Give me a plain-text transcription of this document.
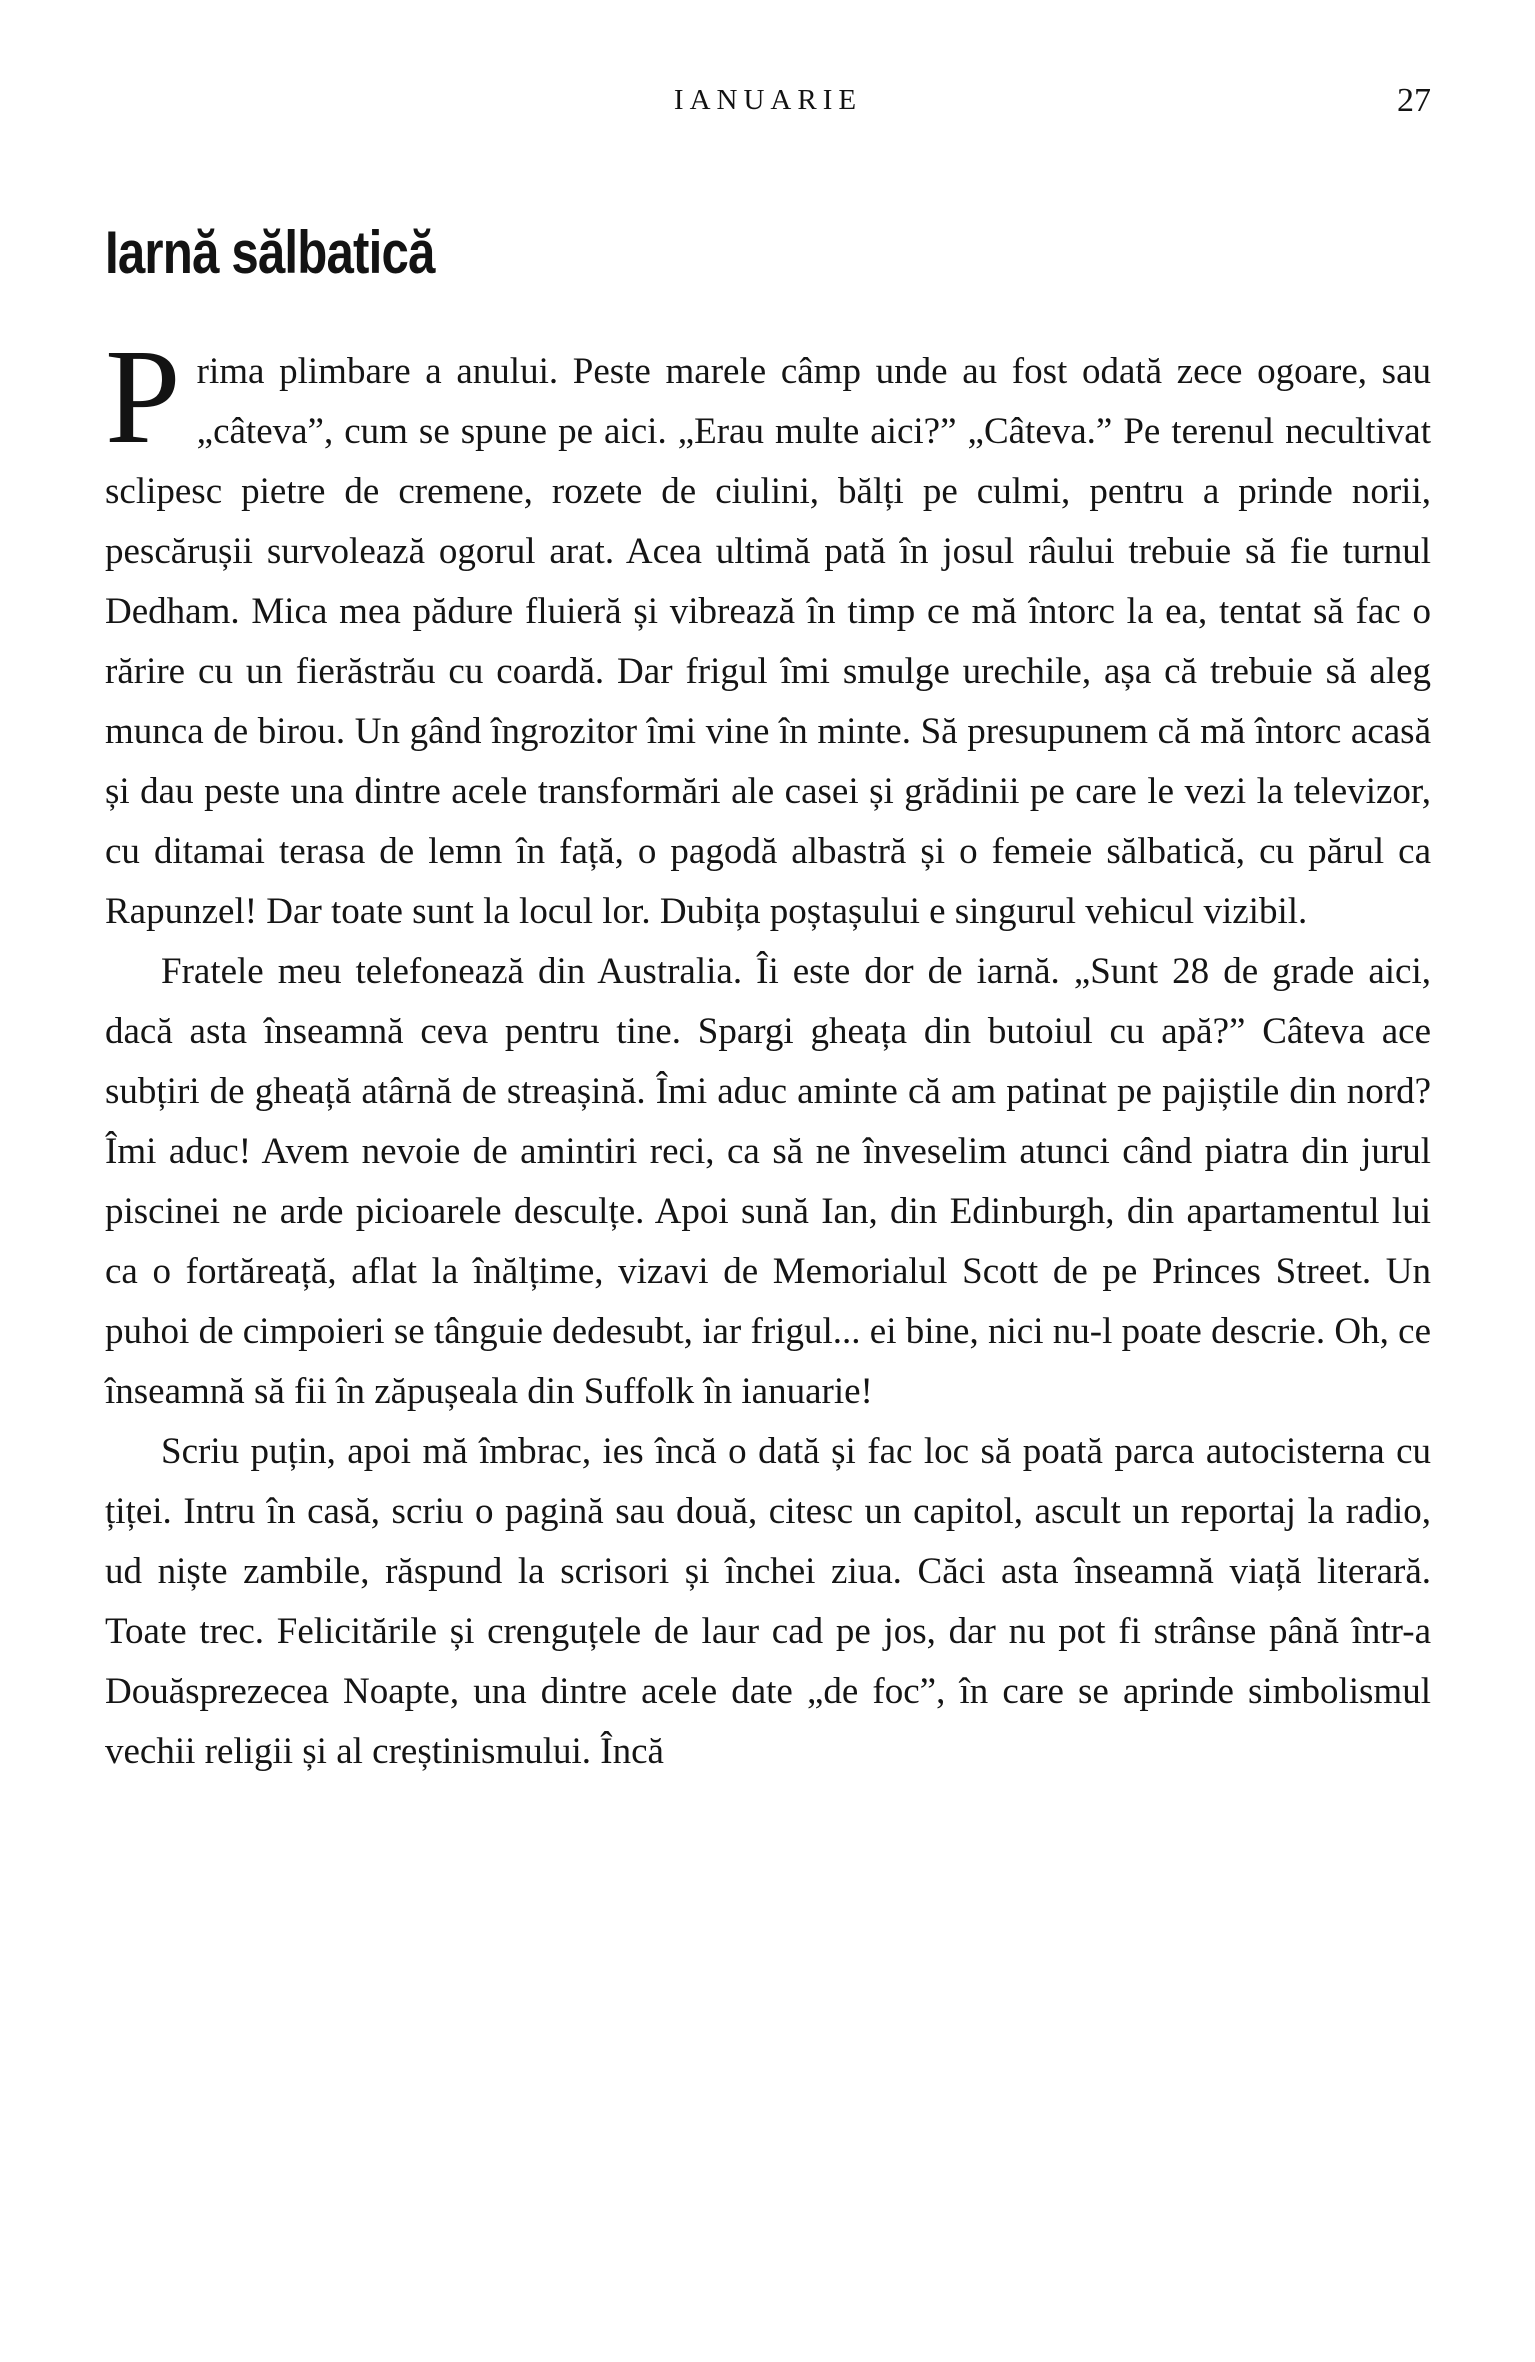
IANUARIE	27
Iarnă sălbatică

Prima plimbare a anului. Peste marele câmp unde au fost odată zece ogoare, sau „câteva”, cum se spune pe aici. „Erau multe aici?” „Câteva.” Pe terenul necultivat sclipesc pietre de cremene, rozete de ciulini, bălți pe culmi, pentru a prinde norii, pescărușii survolează ogorul arat. Acea ultimă pată în josul râului trebuie să fie turnul Dedham. Mica mea pădure fluieră și vibrează în timp ce mă întorc la ea, tentat să fac o rărire cu un fierăstrău cu coardă. Dar frigul îmi smulge urechile, așa că trebuie să aleg munca de birou. Un gând îngrozitor îmi vine în minte. Să presupunem că mă întorc acasă și dau peste una dintre acele transformări ale casei și grădinii pe care le vezi la televizor, cu ditamai terasa de lemn în față, o pagodă albastră și o femeie sălbatică, cu părul ca Rapunzel! Dar toate sunt la locul lor. Dubița poștașului e singurul vehicul vizibil.

Fratele meu telefonează din Australia. Îi este dor de iarnă. „Sunt 28 de grade aici, dacă asta înseamnă ceva pentru tine. Spargi gheața din butoiul cu apă?” Câteva ace subțiri de gheață atârnă de streașină. Îmi aduc aminte că am patinat pe pajiștile din nord? Îmi aduc! Avem nevoie de amintiri reci, ca să ne înveselim atunci când piatra din jurul piscinei ne arde picioarele desculțe. Apoi sună Ian, din Edinburgh, din apartamentul lui ca o fortăreață, aflat la înălțime, vizavi de Memorialul Scott de pe Princes Street. Un puhoi de cimpoieri se tânguie dedesubt, iar frigul... ei bine, nici nu-l poate descrie. Oh, ce înseamnă să fii în zăpușeala din Suffolk în ianuarie!

Scriu puțin, apoi mă îmbrac, ies încă o dată și fac loc să poată parca autocisterna cu țiței. Intru în casă, scriu o pagină sau două, citesc un capitol, ascult un reportaj la radio, ud niște zambile, răspund la scrisori și închei ziua. Căci asta înseamnă viață literară. Toate trec. Felicitările și crenguțele de laur cad pe jos, dar nu pot fi strânse până într-a Douăsprezecea Noapte, una dintre acele date „de foc”, în care se aprinde simbolismul vechii religii și al creștinismului. Încă
